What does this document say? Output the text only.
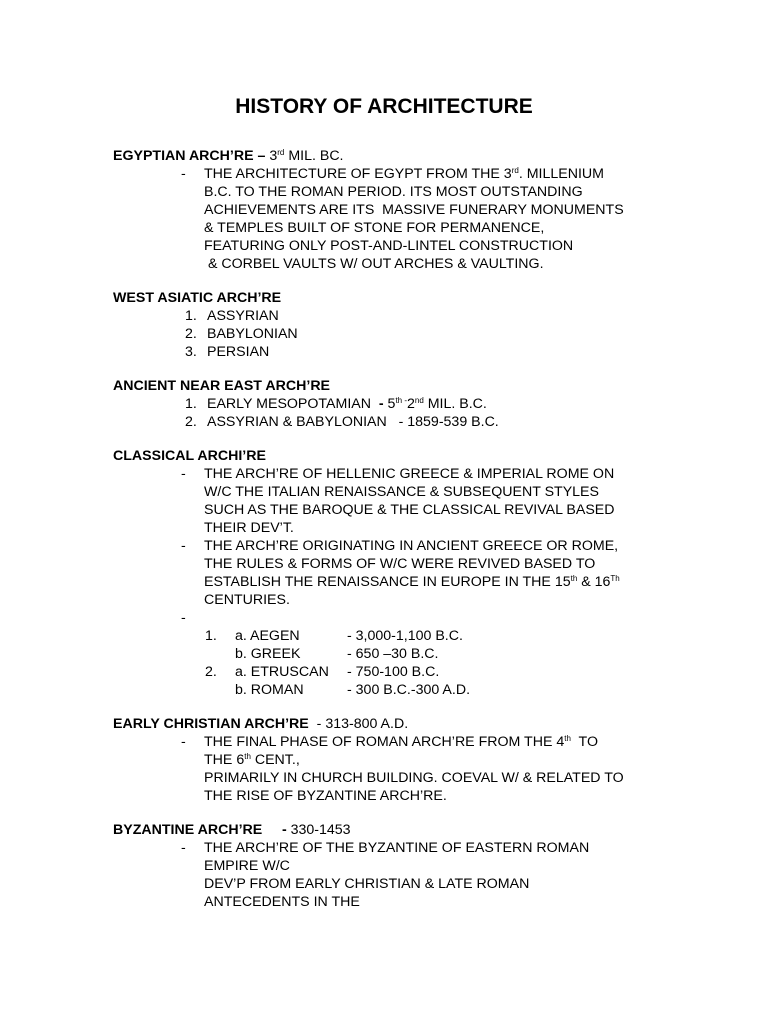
HISTORY OF ARCHITECTURE
EGYPTIAN ARCH’RE – 3rd MIL. BC.
- THE ARCHITECTURE OF EGYPT FROM THE 3rd. MILLENIUM
B.C. TO THE ROMAN PERIOD. ITS MOST OUTSTANDING
ACHIEVEMENTS ARE ITS  MASSIVE FUNERARY MONUMENTS
& TEMPLES BUILT OF STONE FOR PERMANENCE,
FEATURING ONLY POST-AND-LINTEL CONSTRUCTION
& CORBEL VAULTS W/ OUT ARCHES & VAULTING.
WEST ASIATIC ARCH’RE
1. ASSYRIAN
2. BABYLONIAN
3. PERSIAN
ANCIENT NEAR EAST ARCH’RE
1. EARLY MESOPOTAMIAN  - 5th -2nd MIL. B.C.
2. ASSYRIAN & BABYLONIAN   - 1859-539 B.C.
CLASSICAL ARCHI’RE
- THE ARCH’RE OF HELLENIC GREECE & IMPERIAL ROME ON
W/C THE ITALIAN RENAISSANCE & SUBSEQUENT STYLES
SUCH AS THE BAROQUE & THE CLASSICAL REVIVAL BASED
THEIR DEV’T.
- THE ARCH’RE ORIGINATING IN ANCIENT GREECE OR ROME,
THE RULES & FORMS OF W/C WERE REVIVED BASED TO
ESTABLISH THE RENAISSANCE IN EUROPE IN THE 15th & 16Th
CENTURIES.
-

1. a. AEGEN	- 3,000-1,100 B.C.
b. GREEK	- 650 –30 B.C.
2. a. ETRUSCAN - 750-100 B.C.
b. ROMAN	- 300 B.C.-300 A.D.
EARLY CHRISTIAN ARCH’RE  - 313-800 A.D.
- THE FINAL PHASE OF ROMAN ARCH’RE FROM THE 4th  TO
THE 6th CENT.,
PRIMARILY IN CHURCH BUILDING. COEVAL W/ & RELATED TO
THE RISE OF BYZANTINE ARCH’RE.
BYZANTINE ARCH’RE     - 330-1453
- THE ARCH’RE OF THE BYZANTINE OF EASTERN ROMAN
EMPIRE W/C
DEV’P FROM EARLY CHRISTIAN & LATE ROMAN
ANTECEDENTS IN THE
